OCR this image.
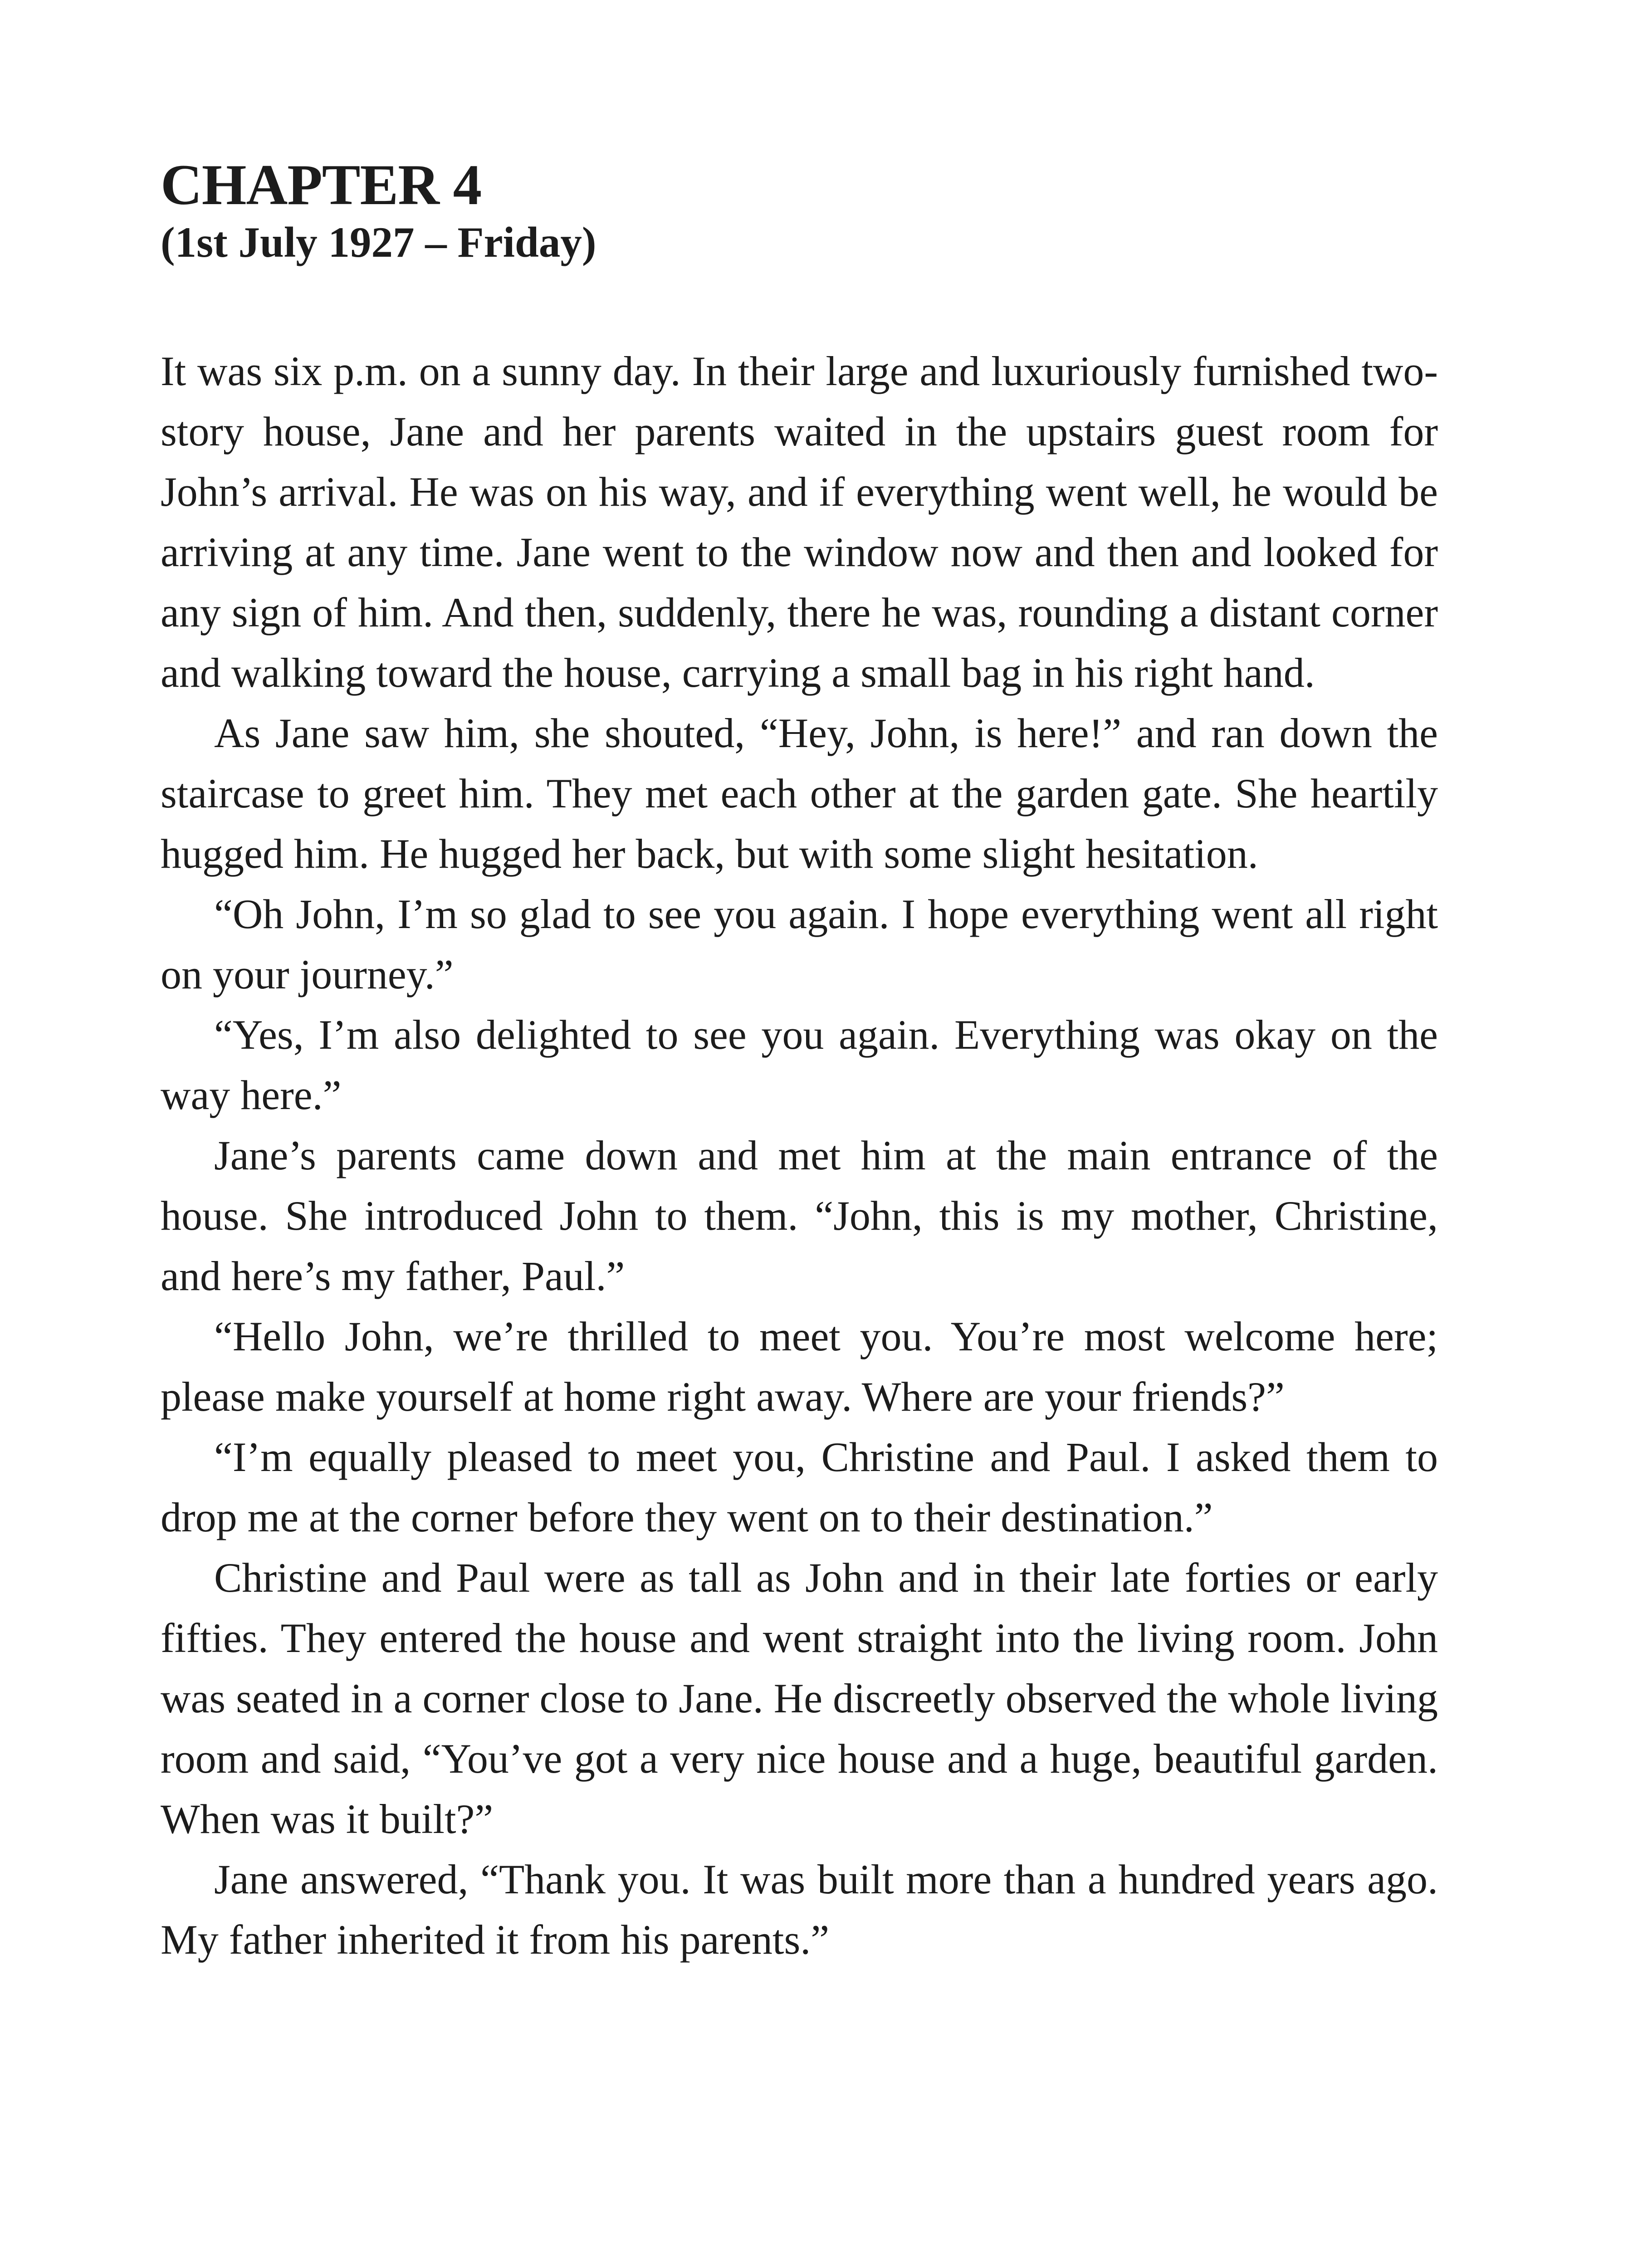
CHAPTER 4
(1st July 1927 – Friday)

It was six p.m. on a sunny day. In their large and luxuriously furnished two-story house, Jane and her parents waited in the upstairs guest room for John’s arrival. He was on his way, and if everything went well, he would be arriving at any time. Jane went to the window now and then and looked for any sign of him. And then, suddenly, there he was, rounding a distant corner and walking toward the house, carrying a small bag in his right hand.

As Jane saw him, she shouted, “Hey, John, is here!” and ran down the staircase to greet him. They met each other at the garden gate. She heartily hugged him. He hugged her back, but with some slight hesitation.

“Oh John, I’m so glad to see you again. I hope everything went all right on your journey.”

“Yes, I’m also delighted to see you again. Everything was okay on the way here.”

Jane’s parents came down and met him at the main entrance of the house. She introduced John to them. “John, this is my mother, Christine, and here’s my father, Paul.”

“Hello John, we’re thrilled to meet you. You’re most welcome here; please make yourself at home right away. Where are your friends?”

“I’m equally pleased to meet you, Christine and Paul. I asked them to drop me at the corner before they went on to their destination.”

Christine and Paul were as tall as John and in their late forties or early fifties. They entered the house and went straight into the living room. John was seated in a corner close to Jane. He discreetly observed the whole living room and said, “You’ve got a very nice house and a huge, beautiful garden. When was it built?”

Jane answered, “Thank you. It was built more than a hundred years ago. My father inherited it from his parents.”
